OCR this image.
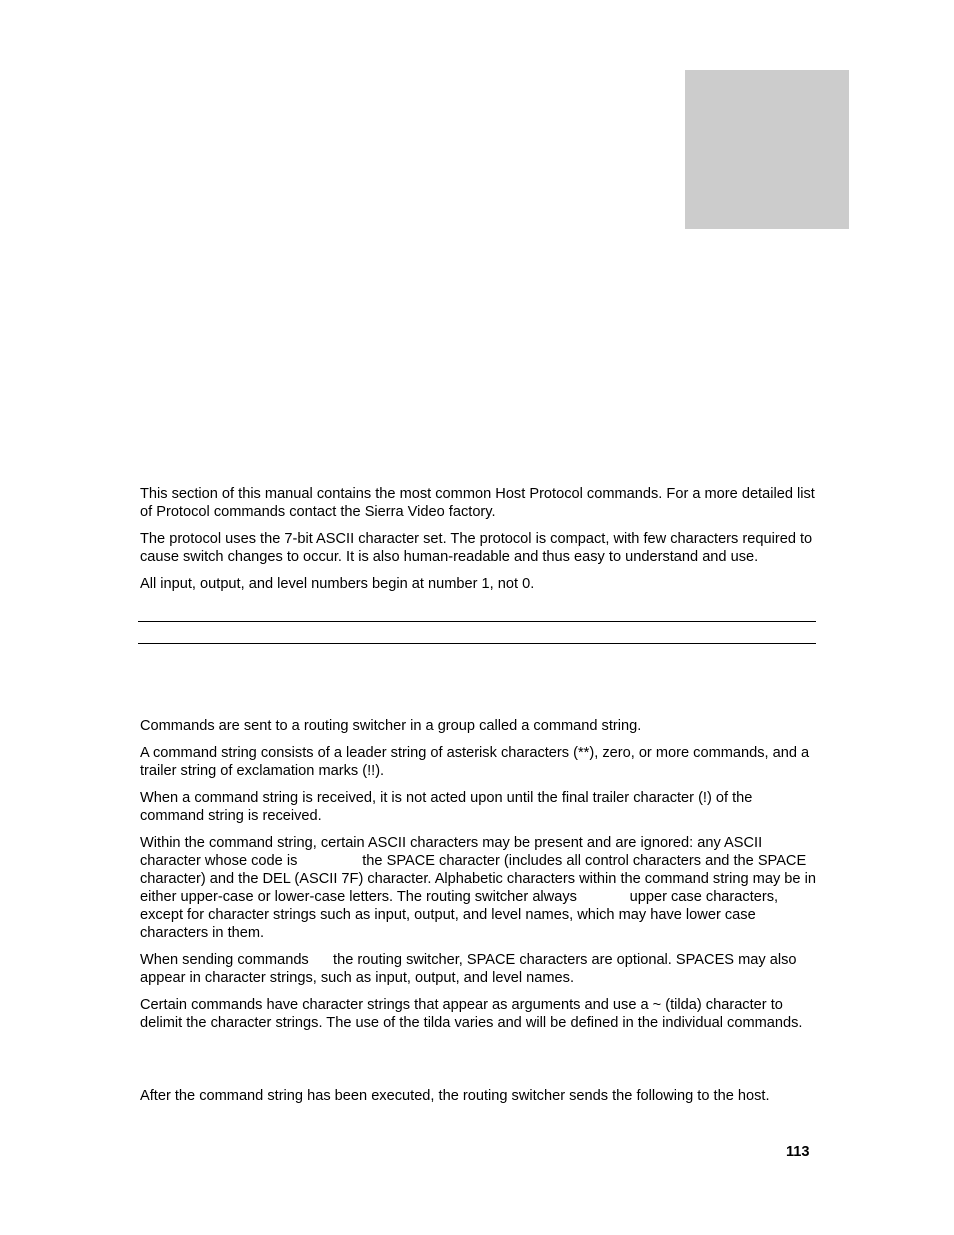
This section of this manual contains the most common Host Protocol commands. For a more detailed list of Protocol commands contact the Sierra Video factory.

The protocol uses the 7-bit ASCII character set. The protocol is compact, with few characters required to cause switch changes to occur. It is also human-readable and thus easy to understand and use.

All input, output, and level numbers begin at number 1, not 0.

Commands are sent to a routing switcher in a group called a command string.

A command string consists of a leader string of asterisk characters (**), zero, or more commands, and a trailer string of exclamation marks (!!).

When a command string is received, it is not acted upon until the final trailer character (!) of the command string is received.

Within the command string, certain ASCII characters may be present and are ignored: any ASCII character whose code is                the SPACE character (includes all control characters and the SPACE character) and the DEL (ASCII 7F) character. Alphabetic characters within the command string may be in either upper-case or lower-case letters. The routing switcher always             upper case characters, except for character strings such as input, output, and level names, which may have lower case characters in them.

When sending commands      the routing switcher, SPACE characters are optional. SPACES may also appear in character strings, such as input, output, and level names.

Certain commands have character strings that appear as arguments and use a ~ (tilda) character to delimit the character strings. The use of the tilda varies and will be defined in the individual commands.

After the command string has been executed, the routing switcher sends the following to the host.

113
